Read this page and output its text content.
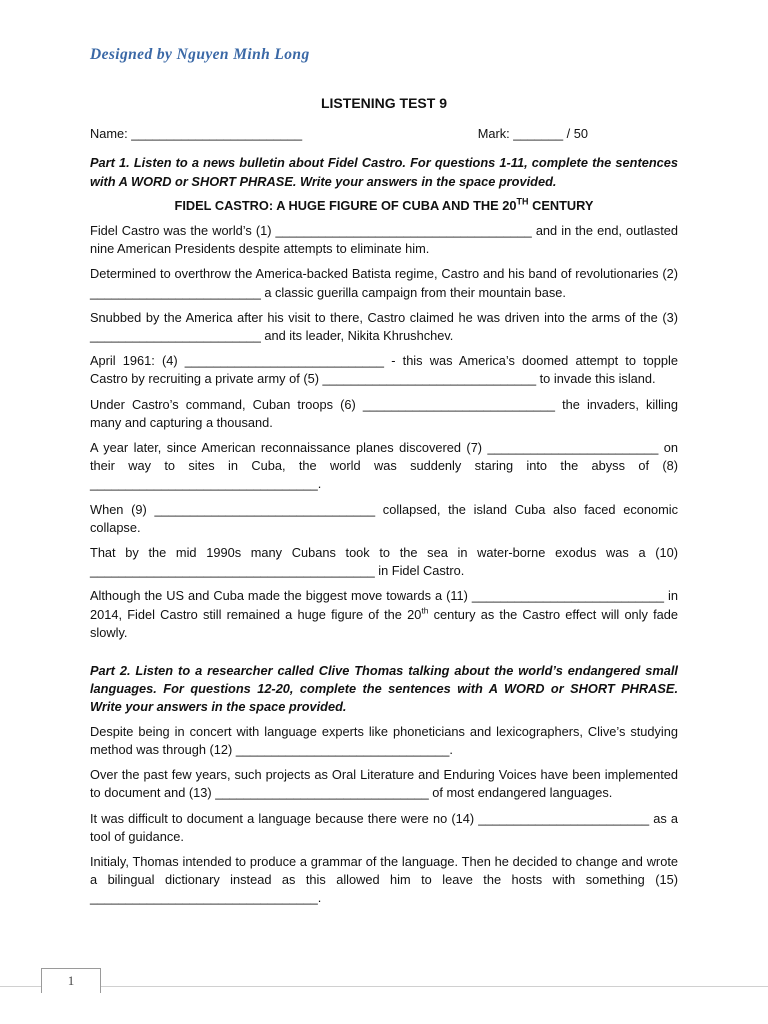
Designed by Nguyen Minh Long
LISTENING TEST 9
Name: ________________________	Mark: _______ / 50

Part 1. Listen to a news bulletin about Fidel Castro. For questions 1-11, complete the sentences with A WORD or SHORT PHRASE. Write your answers in the space provided.

FIDEL CASTRO: A HUGE FIGURE OF CUBA AND THE 20TH CENTURY

Fidel Castro was the world’s (1) ____________________________________ and in the end, outlasted nine American Presidents despite attempts to eliminate him.

Determined to overthrow the America-backed Batista regime, Castro and his band of revolutionaries (2) ________________________ a classic guerilla campaign from their mountain base.

Snubbed by the America after his visit to there, Castro claimed he was driven into the arms of the (3) ________________________ and its leader, Nikita Khrushchev.

April 1961: (4) ____________________________ - this was America’s doomed attempt to topple Castro by recruiting a private army of (5) ______________________________ to invade this island.

Under Castro’s command, Cuban troops (6) ___________________________ the invaders, killing many and capturing a thousand.

A year later, since American reconnaissance planes discovered (7) ________________________ on their way to sites in Cuba, the world was suddenly staring into the abyss of (8) ________________________________.

When (9) _______________________________ collapsed, the island Cuba also faced economic collapse.

That by the mid 1990s many Cubans took to the sea in water-borne exodus was a (10) ________________________________________ in Fidel Castro.

Although the US and Cuba made the biggest move towards a (11) ___________________________ in 2014, Fidel Castro still remained a huge figure of the 20th century as the Castro effect will only fade slowly.

Part 2. Listen to a researcher called Clive Thomas talking about the world’s endangered small languages. For questions 12-20, complete the sentences with A WORD or SHORT PHRASE. Write your answers in the space provided.

Despite being in concert with language experts like phoneticians and lexicographers, Clive’s studying method was through (12) ______________________________.

Over the past few years, such projects as Oral Literature and Enduring Voices have been implemented to document and (13) ______________________________ of most endangered languages.

It was difficult to document a language because there were no (14) ________________________ as a tool of guidance.

Initialy, Thomas intended to produce a grammar of the language. Then he decided to change and wrote a bilingual dictionary instead as this allowed him to leave the hosts with something (15) ________________________________.

1
